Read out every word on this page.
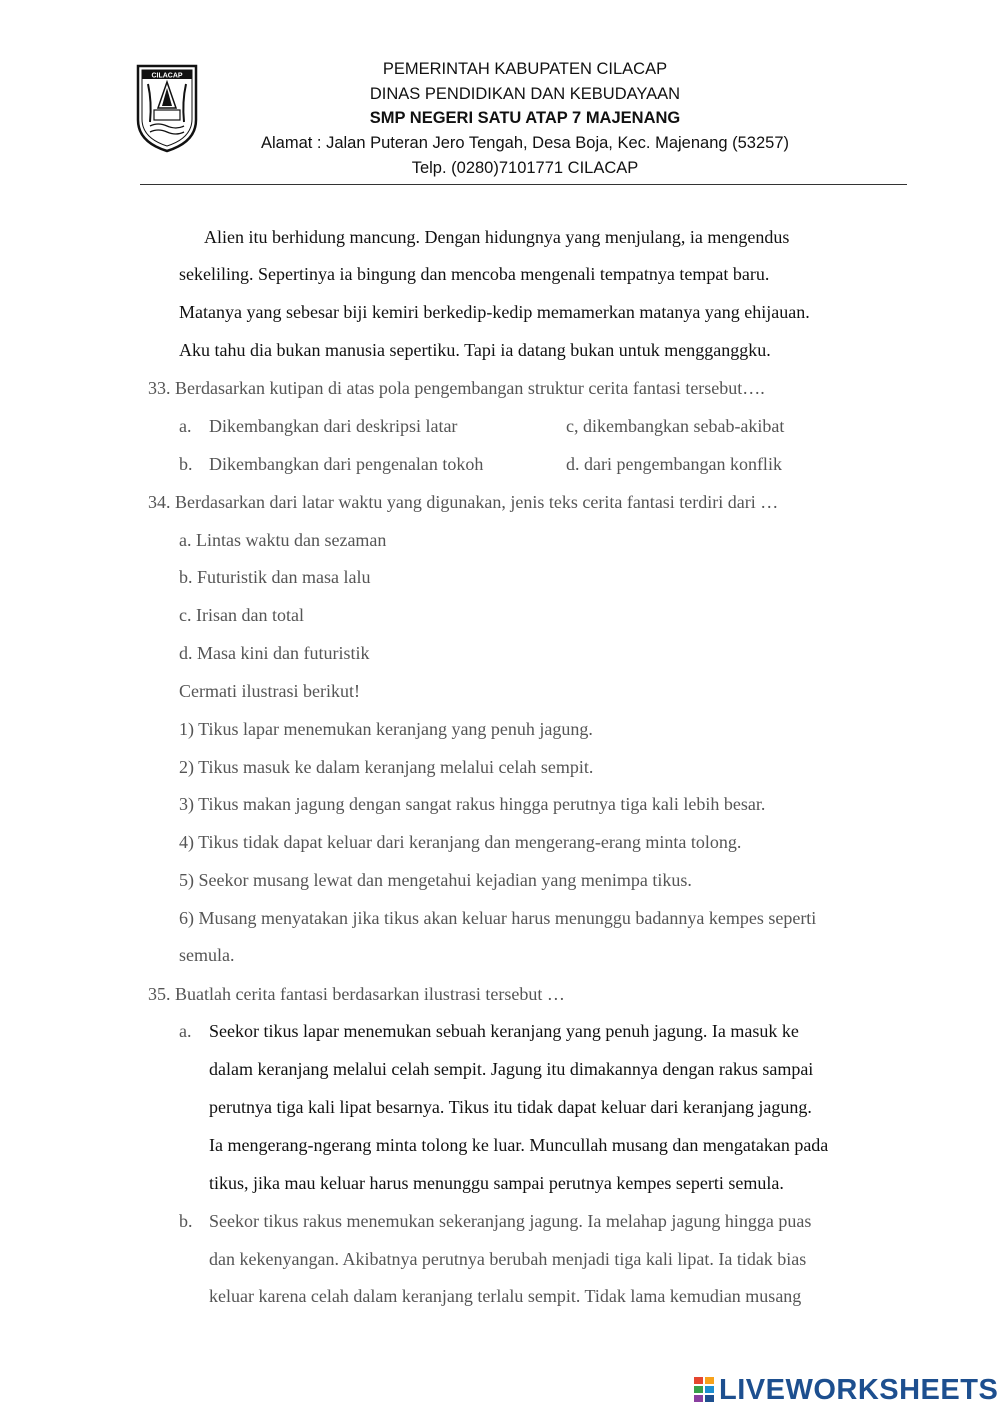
CILACAP	PEMERINTAH KABUPATEN CILACAP
DINAS PENDIDIKAN DAN KEBUDAYAAN
SMP NEGERI SATU ATAP 7 MAJENANG
Alamat : Jalan Puteran Jero Tengah, Desa Boja, Kec. Majenang (53257)
Telp. (0280)7101771 CILACAP
Alien itu berhidung mancung. Dengan hidungnya yang menjulang, ia mengendus
sekeliling. Sepertinya ia bingung dan mencoba mengenali tempatnya tempat baru.
Matanya yang sebesar biji kemiri berkedip-kedip memamerkan matanya yang ehijauan.
Aku tahu dia bukan manusia sepertiku. Tapi ia datang bukan untuk mengganggku.
33. Berdasarkan kutipan di atas pola pengembangan struktur cerita fantasi tersebut….
a. Dikembangkan dari deskripsi latar	c, dikembangkan sebab-akibat
b. Dikembangkan dari pengenalan tokoh	d. dari pengembangan konflik
34. Berdasarkan dari latar waktu yang digunakan, jenis teks cerita fantasi terdiri dari …
a. Lintas waktu dan sezaman
b. Futuristik dan masa lalu
c. Irisan dan total
d. Masa kini dan futuristik
Cermati ilustrasi berikut!
1) Tikus lapar menemukan keranjang yang penuh jagung.
2) Tikus masuk ke dalam keranjang melalui celah sempit.
3) Tikus makan jagung dengan sangat rakus hingga perutnya tiga kali lebih besar.
4) Tikus tidak dapat keluar dari keranjang dan mengerang-erang minta tolong.
5) Seekor musang lewat dan mengetahui kejadian yang menimpa tikus.
6) Musang menyatakan jika tikus akan keluar harus menunggu badannya kempes seperti
semula.
35. Buatlah cerita fantasi berdasarkan ilustrasi tersebut …
a. Seekor tikus lapar menemukan sebuah keranjang yang penuh jagung. Ia masuk ke
dalam keranjang melalui celah sempit. Jagung itu dimakannya dengan rakus sampai
perutnya tiga kali lipat besarnya. Tikus itu tidak dapat keluar dari keranjang jagung.
Ia mengerang-ngerang minta tolong ke luar. Muncullah musang dan mengatakan pada
tikus, jika mau keluar harus menunggu sampai perutnya kempes seperti semula.
b. Seekor tikus rakus menemukan sekeranjang jagung. Ia melahap jagung hingga puas
dan kekenyangan. Akibatnya perutnya berubah menjadi tiga kali lipat. Ia tidak bias
keluar karena celah dalam keranjang terlalu sempit. Tidak lama kemudian musang
LIVEWORKSHEETS
